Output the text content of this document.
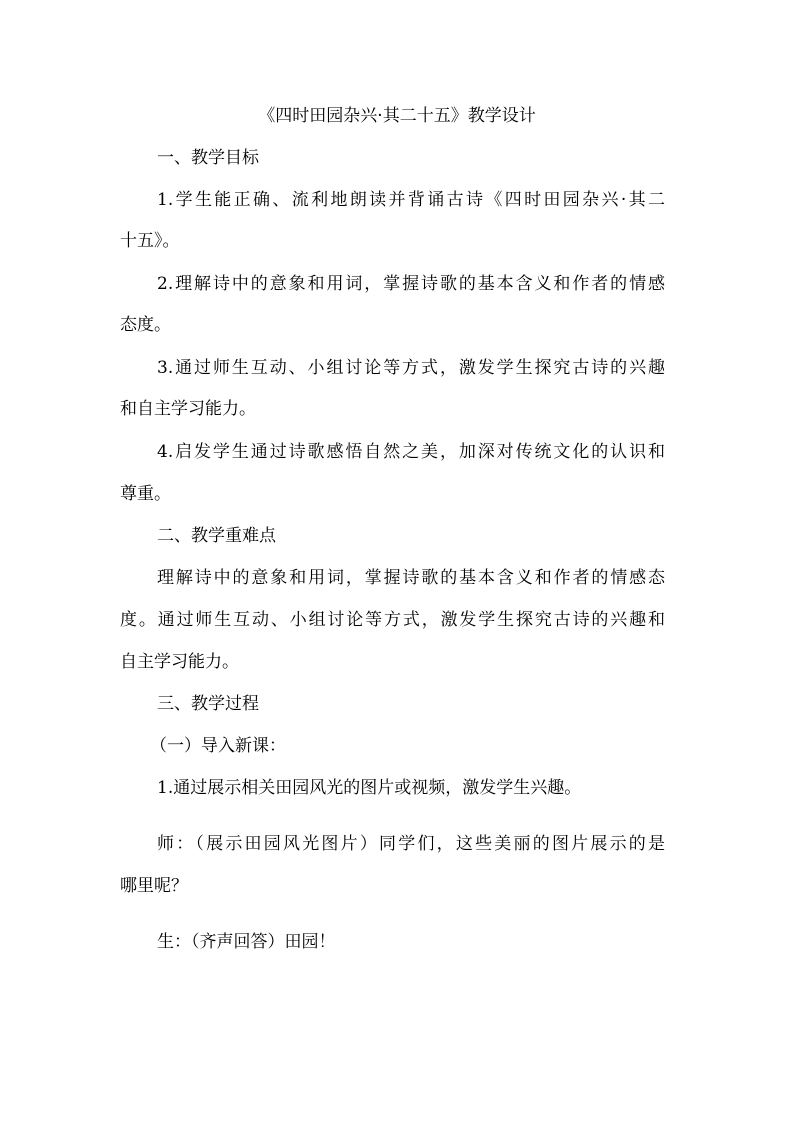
《四时田园杂兴·其二十五》教学设计
一、教学目标
1.学生能正确、流利地朗读并背诵古诗《四时田园杂兴·其二
十五》。
2.理解诗中的意象和用词，掌握诗歌的基本含义和作者的情感
态度。
3.通过师生互动、小组讨论等方式，激发学生探究古诗的兴趣
和自主学习能力。
4.启发学生通过诗歌感悟自然之美，加深对传统文化的认识和
尊重。
二、教学重难点
理解诗中的意象和用词，掌握诗歌的基本含义和作者的情感态
度。通过师生互动、小组讨论等方式，激发学生探究古诗的兴趣和
自主学习能力。
三、教学过程
（一）导入新课：
1.通过展示相关田园风光的图片或视频，激发学生兴趣。
师：（展示田园风光图片）同学们，这些美丽的图片展示的是
哪里呢？
生：（齐声回答）田园！
